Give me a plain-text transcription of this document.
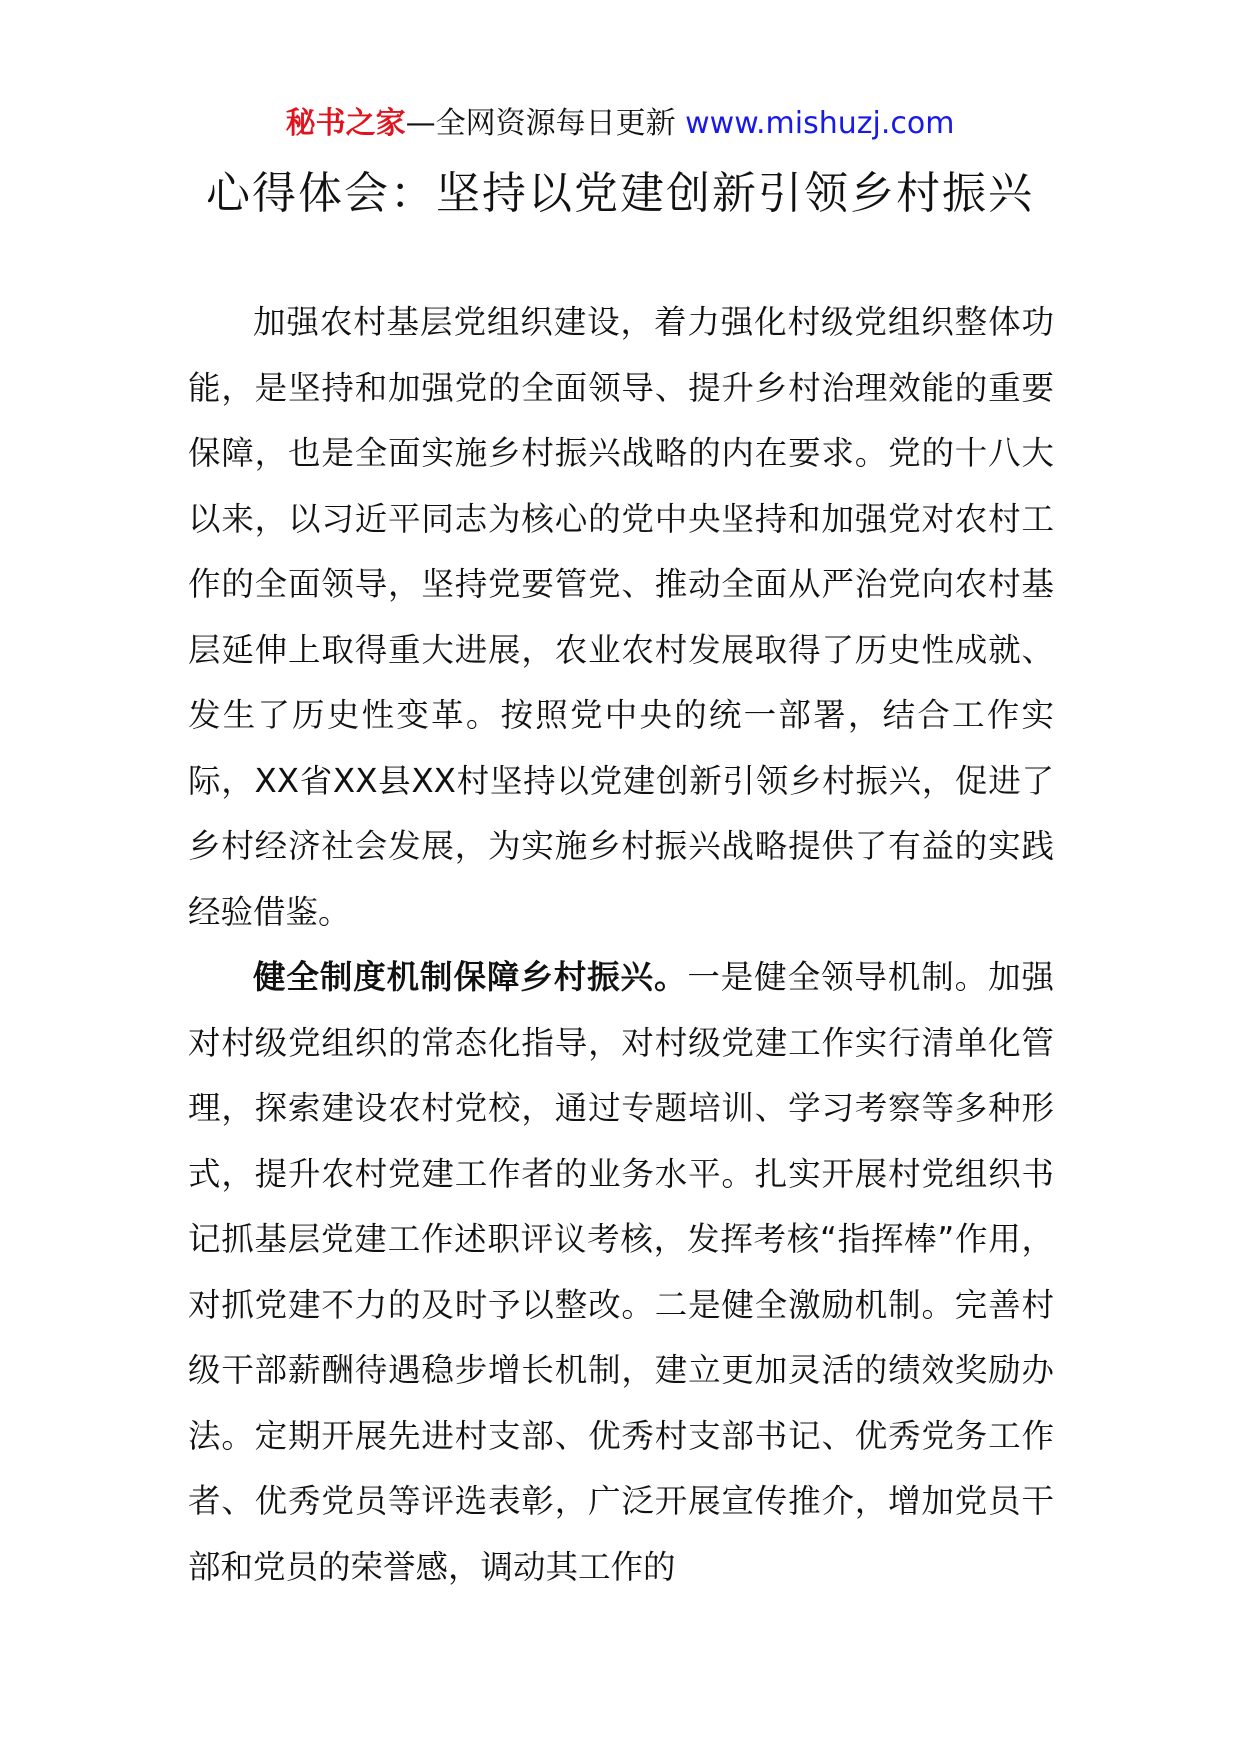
秘书之家—全网资源每日更新 www.mishuzj.com
心得体会：坚持以党建创新引领乡村振兴

加强农村基层党组织建设，着力强化村级党组织整体功能，是坚持和加强党的全面领导、提升乡村治理效能的重要保障，也是全面实施乡村振兴战略的内在要求。党的十八大以来，以习近平同志为核心的党中央坚持和加强党对农村工作的全面领导，坚持党要管党、推动全面从严治党向农村基层延伸上取得重大进展，农业农村发展取得了历史性成就、发生了历史性变革。按照党中央的统一部署，结合工作实际，XX省XX县XX村坚持以党建创新引领乡村振兴，促进了乡村经济社会发展，为实施乡村振兴战略提供了有益的实践经验借鉴。

健全制度机制保障乡村振兴。一是健全领导机制。加强对村级党组织的常态化指导，对村级党建工作实行清单化管理，探索建设农村党校，通过专题培训、学习考察等多种形式，提升农村党建工作者的业务水平。扎实开展村党组织书记抓基层党建工作述职评议考核，发挥考核“指挥棒”作用，对抓党建不力的及时予以整改。二是健全激励机制。完善村级干部薪酬待遇稳步增长机制，建立更加灵活的绩效奖励办法。定期开展先进村支部、优秀村支部书记、优秀党务工作者、优秀党员等评选表彰，广泛开展宣传推介，增加党员干部和党员的荣誉感，调动其工作的
